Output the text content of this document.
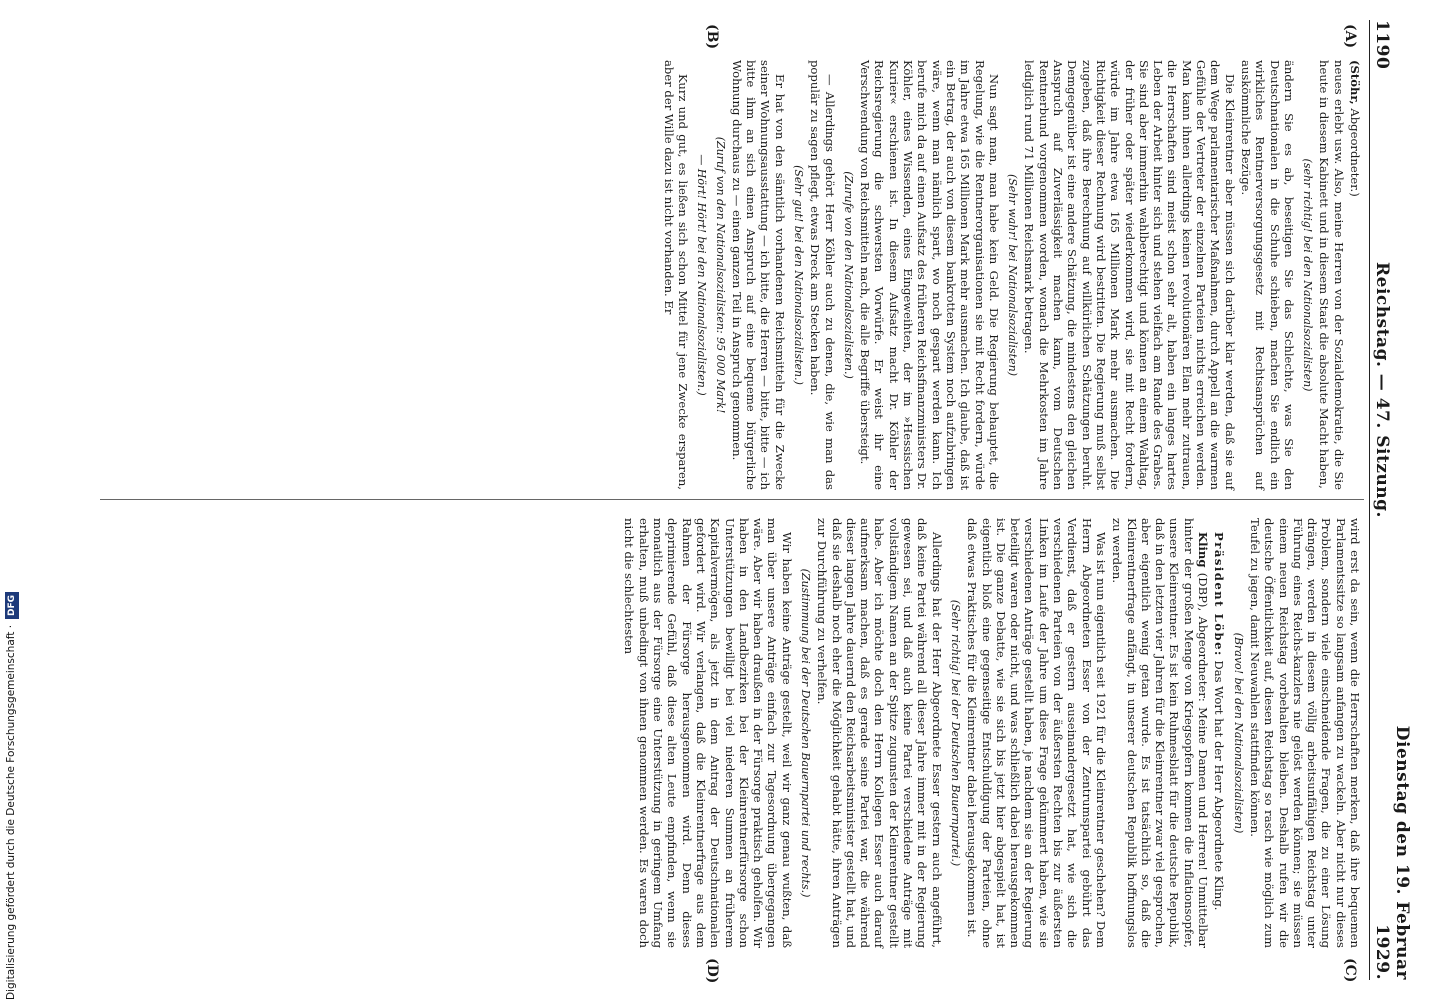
Digitalisierung gefördert durch die Deutsche Forschungsgemeinschaft ·DFG
1190
Reichstag. — 47. Sitzung.
Dienstag den 19. Februar 1929.
(A)
(B)
(C)
(D)

(Stöhr, Abgeordneter.)

neues erlebt usw. Also, meine Herren von der Sozialdemokratie, die Sie heute in diesem Kabinett und in diesem Staat die absolute Macht haben,

(sehr richtig! bei den Nationalsozialisten)

ändern Sie es ab, beseitigen Sie das Schlechte, was Sie den Deutschnationalen in die Schuhe schieben, machen Sie endlich ein wirkliches Rentnerversorgungsgesetz mit Rechtsansprüchen auf auskömmliche Bezüge.

Die Kleinrentner aber müssen sich darüber klar werden, daß sie auf dem Wege parlamentarischer Maßnahmen, durch Appell an die warmen Gefühle der Vertreter der einzelnen Parteien nichts erreichen werden. Man kann ihnen allerdings keinen revolutionären Elan mehr zutrauen, die Herrschaften sind meist schon sehr alt, haben ein langes hartes Leben der Arbeit hinter sich und stehen vielfach am Rande des Grabes. Sie sind aber immerhin wahlberechtigt und können an einem Wahltag, der früher oder später wiederkommen wird, sie mit Recht fordern, würde im Jahre etwa 165 Millionen Mark mehr ausmachen. Die Richtigkeit dieser Rechnung wird bestritten. Die Regierung muß selbst zugeben, daß ihre Berechnung auf willkürlichen Schätzungen beruht. Demgegenüber ist eine andere Schätzung, die mindestens den gleichen Anspruch auf Zuverlässigkeit machen kann, vom Deutschen Rentnerbund vorgenommen worden, wonach die Mehrkosten im Jahre lediglich rund 71 Millionen Reichsmark betragen.

(Sehr wahr! bei Nationalsozialisten)

Nun sagt man, man habe kein Geld. Die Regierung behauptet, die Regelung, wie die Rentnerorganisationen sie mit Recht fordern, würde im Jahre etwa 165 Millionen Mark mehr ausmachen. Ich glaube, daß ist ein Betrag, der auch von diesem bankrotten System noch aufzubringen wäre, wenn man nämlich spart, wo noch gespart werden kann. Ich berufe mich da auf einen Aufsatz des früheren Reichsfinanzministers Dr. Köhler, eines Wissenden, eines Eingeweihten, der im »Hessischen Kurier« erschienen ist. In diesem Aufsatz macht Dr. Köhler der Reichsregierung die schwersten Vorwürfe. Er weist ihr eine Verschwendung von Reichsmitteln nach, die alle Begriffe übersteigt.

(Zurufe von den Nationalsozialisten.)

— Allerdings gehört Herr Köhler auch zu denen, die, wie man das populär zu sagen pflegt, etwas Dreck am Stecken haben.

(Sehr gut! bei den Nationalsozialisten.)

Er hat von den sämtlich vorhandenen Reichsmitteln für die Zwecke seiner Wohnungsausstattung — ich bitte, die Herren — bitte, bitte — ich bitte ihm an sich einen Anspruch auf eine bequeme bürgerliche Wohnung durchaus zu — einen ganzen Teil in Anspruch genommen.

(Zuruf von den Nationalsozialisten: 95 000 Mark!

— Hört! Hört! bei den Nationalsozialisten.)

Kurz und gut, es ließen sich schon Mittel für jene Zwecke ersparen, aber der Wille dazu ist nicht vorhanden. Er

wird erst da sein, wenn die Herrschaften merken, daß ihre bequemen Parlamentssitze so langsam anfangen zu wackeln. Aber nicht nur dieses Problem, sondern viele einschneidende Fragen, die zu einer Lösung drängen, werden in diesem völlig arbeitsunfähigen Reichstag unter Führung eines Reichs-kanzlers nie gelöst werden können; sie müssen einem neuen Reichstag vorbehalten bleiben. Deshalb rufen wir die deutsche Öffentlichkeit auf, diesen Reichstag so rasch wie möglich zum Teufel zu jagen, damit Neuwahlen stattfinden können.

(Bravo! bei den Nationalsozialisten)

Präsident Löbe: Das Wort hat der Herr Abgeordnete Kling.

Kling (DBP), Abgeordneter: Meine Damen und Herren! Unmittelbar hinter der großen Menge von Kriegsopfern kommen die Inflationsopfer, unsere Kleinrentner. Es ist kein Ruhmesblatt für die deutsche Republik, daß in den letzten vier Jahren für die Kleinrentner zwar viel gesprochen, aber eigentlich wenig getan wurde. Es ist tatsächlich so, daß die Kleinrentnerfrage anfängt, in unserer deutschen Republik hoffnungslos zu werden.

Was ist nun eigentlich seit 1921 für die Kleinrentner geschehen? Dem Herrn Abgeordneten Esser von der Zentrumspartei gebührt das Verdienst, daß er gestern auseinandergesetzt hat, wie sich die verschiedenen Parteien von der äußersten Rechten bis zur äußersten Linken im Laufe der Jahre um diese Frage gekümmert haben, wie sie verschiedenen Anträge gestellt haben, je nachdem sie an der Regierung beteiligt waren oder nicht, und was schließlich dabei herausgekommen ist. Die ganze Debatte, wie sie sich bis jetzt hier abgespielt hat, ist eigentlich bloß eine gegenseitige Entschuldigung der Parteien, ohne daß etwas Praktisches für die Kleinrentner dabei herausgekommen ist.

(Sehr richtig! bei der Deutschen Bauernpartei.)

Allerdings hat der Herr Abgeordnete Esser gestern auch angeführt, daß keine Partei während all dieser Jahre immer mit in der Regierung gewesen sei, und daß auch keine Partei verschiedene Anträge mit vollständigem Namen an der Spitze zugunsten der Kleinrentner gestellt habe. Aber ich möchte doch den Herrn Kollegen Esser auch darauf aufmerksam machen, daß es gerade seine Partei war, die während dieser langen Jahre dauernd den Reichsarbeitsminister gestellt hat, und daß sie deshalb noch eher die Möglichkeit gehabt hätte, ihren Anträgen zur Durchführung zu verhelfen.

(Zustimmung bei der Deutschen Bauernpartei und rechts.)

Wir haben keine Anträge gestellt, weil wir ganz genau wußten, daß man über unsere Anträge einfach zur Tagesordnung übergegangen wäre. Aber wir haben draußen in der Fürsorge praktisch geholfen. Wir haben in den Landbezirken bei der Kleinrentnerfürsorge schon Unterstützungen bewilligt bei viel niederen Summen an früherem Kapitalvermögen, als jetzt in dem Antrag der Deutschnationalen gefordert wird. Wir verlangen, daß die Kleinrentnerfrage aus dem Rahmen der Fürsorge herausgenommen wird. Denn dieses deprimierende Gefühl, daß diese alten Leute empfinden, wenn sie monatlich aus der Fürsorge eine Unterstützung in geringem Umfang erhalten, muß unbedingt von ihnen genommen werden. Es waren doch nicht die schlechtesten
